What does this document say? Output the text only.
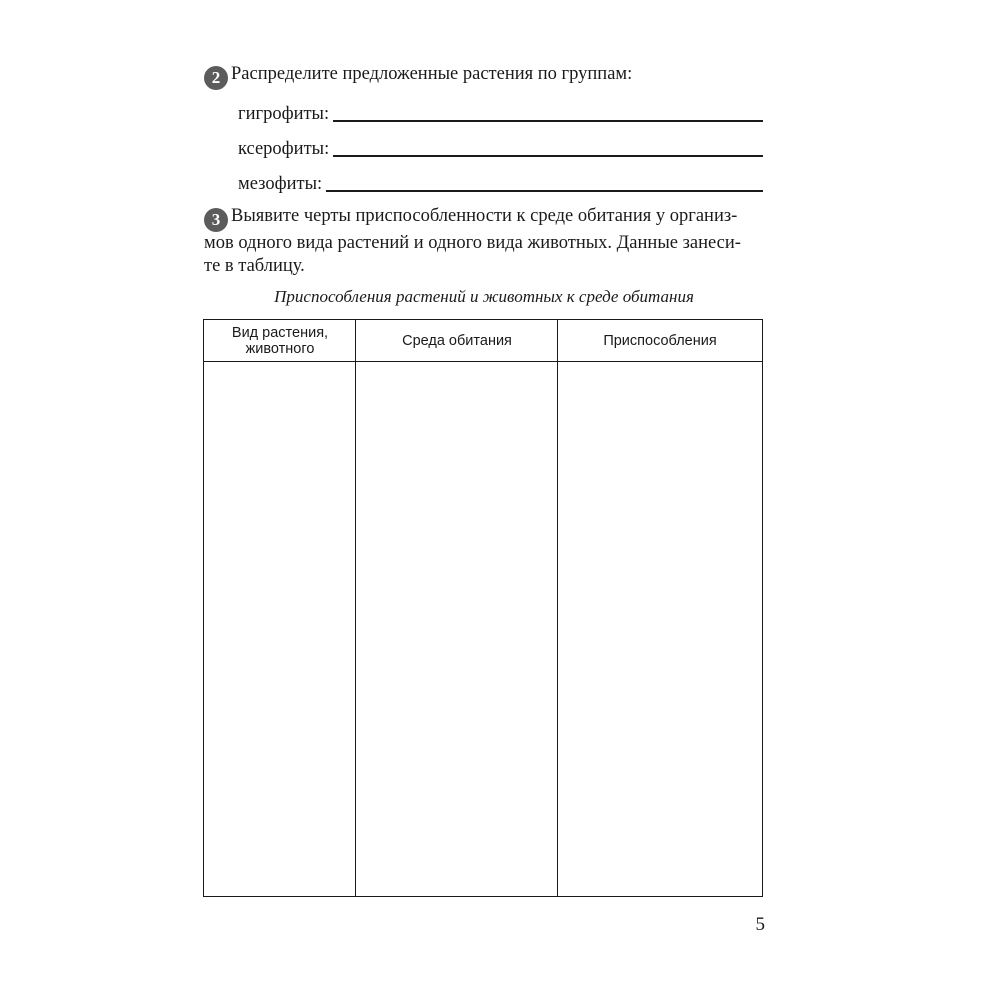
2 Распределите предложенные растения по группам:
гигрофиты:
ксерофиты:
мезофиты:
3 Выявите черты приспособленности к среде обитания у организ-
мов одного вида растений и одного вида животных. Данные занеси-
те в таблицу.
Приспособления растений и животных к среде обитания
Вид растения,
животного	Среда обитания	Приспособления
5
